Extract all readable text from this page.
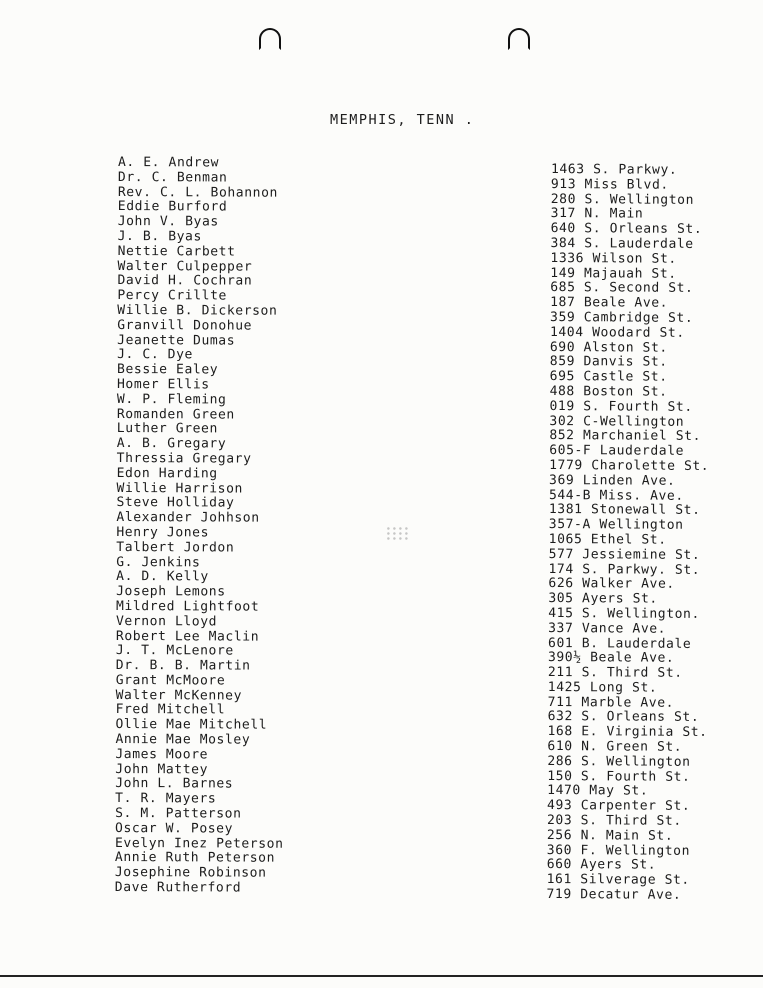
MEMPHIS, TENN .
A. E. Andrew
Dr. C. Benman
Rev. C. L. Bohannon
Eddie Burford
John V. Byas
J. B. Byas
Nettie Carbett
Walter Culpepper
David H. Cochran
Percy Crillte
Willie B. Dickerson
Granvill Donohue
Jeanette Dumas
J. C. Dye
Bessie Ealey
Homer Ellis
W. P. Fleming
Romanden Green
Luther Green
A. B. Gregary
Thressia Gregary
Edon Harding
Willie Harrison
Steve Holliday
Alexander Johhson
Henry Jones
Talbert Jordon
G. Jenkins
A. D. Kelly
Joseph Lemons
Mildred Lightfoot
Vernon Lloyd
Robert Lee Maclin
J. T. McLenore
Dr. B. B. Martin
Grant McMoore
Walter McKenney
Fred Mitchell
Ollie Mae Mitchell
Annie Mae Mosley
James Moore
John Mattey
John L. Barnes
T. R. Mayers
S. M. Patterson
Oscar W. Posey
Evelyn Inez Peterson
Annie Ruth Peterson
Josephine Robinson
Dave Rutherford
1463 S. Parkwy.
913 Miss Blvd.
280 S. Wellington
317 N. Main
640 S. Orleans St.
384 S. Lauderdale
1336 Wilson St.
149 Majauah St.
685 S. Second St.
187 Beale Ave.
359 Cambridge St.
1404 Woodard St.
690 Alston St.
859 Danvis St.
695 Castle St.
488 Boston St.
019 S. Fourth St.
302 C-Wellington
852 Marchaniel St.
605-F Lauderdale
1779 Charolette St.
369 Linden Ave.
544-B Miss. Ave.
1381 Stonewall St.
357-A Wellington
1065 Ethel St.
577 Jessiemine St.
174 S. Parkwy. St.
626 Walker Ave.
305 Ayers St.
415 S. Wellington.
337 Vance Ave.
601 B. Lauderdale
390½ Beale Ave.
211 S. Third St.
1425 Long St.
711 Marble Ave.
632 S. Orleans St.
168 E. Virginia St.
610 N. Green St.
286 S. Wellington
150 S. Fourth St.
1470 May St.
493 Carpenter St.
203 S. Third St.
256 N. Main St.
360 F. Wellington
660 Ayers St.
161 Silverage St.
719 Decatur Ave.
